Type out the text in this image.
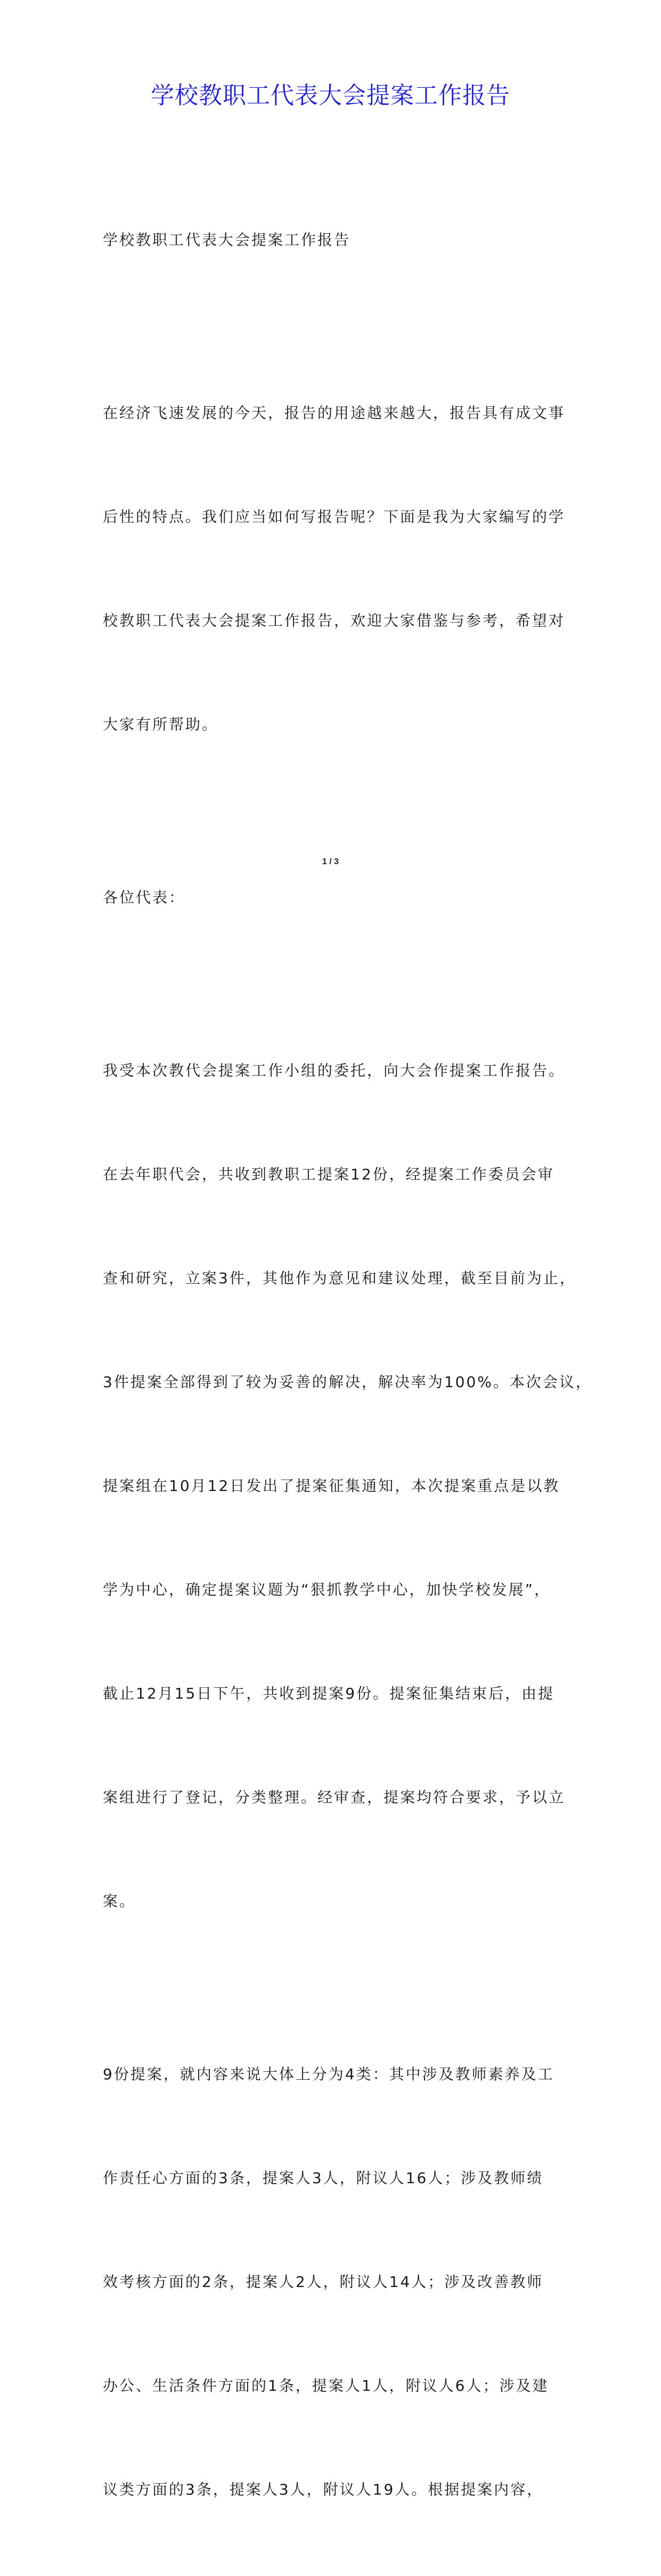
学校教职工代表大会提案工作报告

学校教职工代表大会提案工作报告

在经济飞速发展的今天，报告的用途越来越大，报告具有成文事

后性的特点。我们应当如何写报告呢？下面是我为大家编写的学

校教职工代表大会提案工作报告，欢迎大家借鉴与参考，希望对

大家有所帮助。

各位代表：

我受本次教代会提案工作小组的委托，向大会作提案工作报告。

在去年职代会，共收到教职工提案12份，经提案工作委员会审

查和研究，立案3件，其他作为意见和建议处理，截至目前为止，

3件提案全部得到了较为妥善的解决，解决率为100%。本次会议，

提案组在10月12日发出了提案征集通知，本次提案重点是以教

学为中心，确定提案议题为“狠抓教学中心，加快学校发展”，

截止12月15日下午，共收到提案9份。提案征集结束后，由提

案组进行了登记，分类整理。经审查，提案均符合要求，予以立

案。

9份提案，就内容来说大体上分为4类：其中涉及教师素养及工

作责任心方面的3条，提案人3人，附议人16人；涉及教师绩

效考核方面的2条，提案人2人，附议人14人；涉及改善教师

办公、生活条件方面的1条，提案人1人，附议人6人；涉及建

议类方面的3条，提案人3人，附议人19人。根据提案内容，

1 / 3
